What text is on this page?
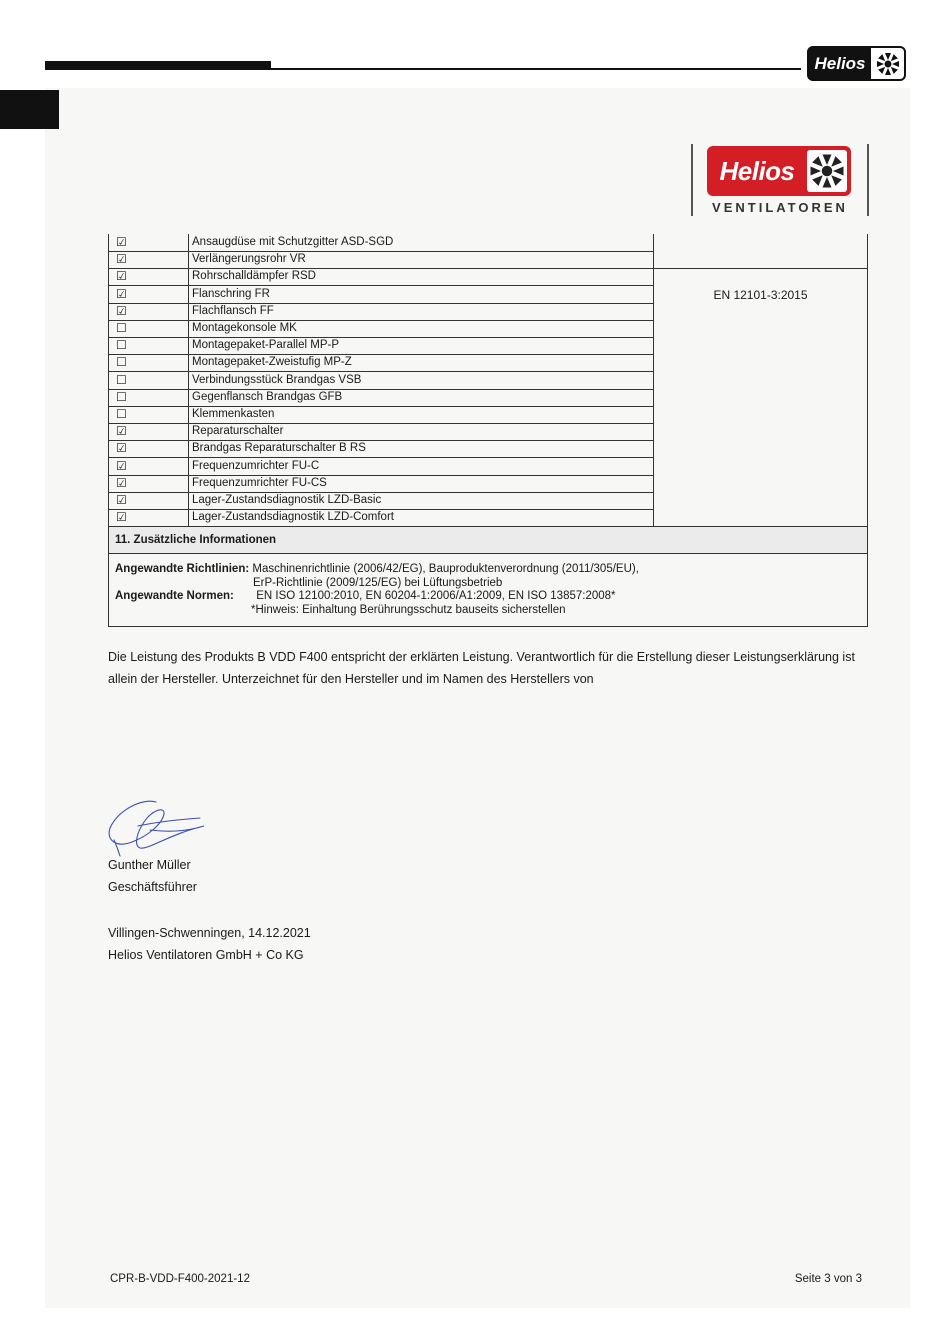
Helios
Helios
VENTILATOREN
EN 12101-3:2015
☑	Ansaugdüse mit Schutzgitter ASD-SGD
☑	Verlängerungsrohr VR
☑	Rohrschalldämpfer RSD
☑	Flanschring FR
☑	Flachflansch FF
☐	Montagekonsole MK
☐	Montagepaket-Parallel MP-P
☐	Montagepaket-Zweistufig MP-Z
☐	Verbindungsstück Brandgas VSB
☐	Gegenflansch Brandgas GFB
☐	Klemmenkasten
☑	Reparaturschalter
☑	Brandgas Reparaturschalter B RS
☑	Frequenzumrichter FU-C
☑	Frequenzumrichter FU-CS
☑	Lager-Zustandsdiagnostik LZD-Basic
☑	Lager-Zustandsdiagnostik LZD-Comfort
11. Zusätzliche Informationen
Angewandte Richtlinien: Maschinenrichtlinie (2006/42/EG), Bauproduktenverordnung (2011/305/EU),
ErP-Richtlinie (2009/125/EG) bei Lüftungsbetrieb
Angewandte Normen: EN ISO 12100:2010, EN 60204-1:2006/A1:2009, EN ISO 13857:2008*
*Hinweis: Einhaltung Berührungsschutz bauseits sicherstellen

Die Leistung des Produkts B VDD F400 entspricht der erklärten Leistung. Verantwortlich für die Erstellung dieser Leistungserklärung ist
allein der Hersteller. Unterzeichnet für den Hersteller und im Namen des Herstellers von

Gunther Müller
Geschäftsführer
Villingen-Schwenningen, 14.12.2021
Helios Ventilatoren GmbH + Co KG
CPR-B-VDD-F400-2021-12	Seite 3 von 3
